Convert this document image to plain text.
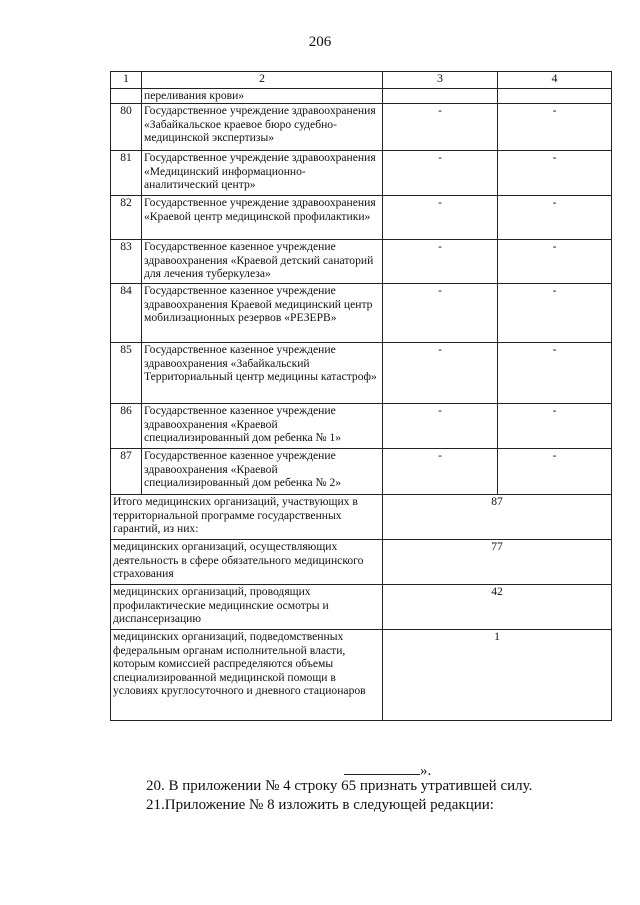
206
1	2	3	4
	переливания крови»		
80	Государственное учреждение здравоохранения «Забайкальское краевое бюро судебно-медицинской экспертизы»	-	-
81	Государственное учреждение здравоохранения «Медицинский информационно-аналитический центр»	-	-
82	Государственное учреждение здравоохранения «Краевой центр медицинской профилактики»	-	-
83	Государственное казенное учреждение здравоохранения «Краевой детский санаторий для лечения туберкулеза»	-	-
84	Государственное казенное учреждение здравоохранения Краевой медицинский центр мобилизационных резервов «РЕЗЕРВ»	-	-
85	Государственное казенное учреждение здравоохранения «Забайкальский Территориальный центр медицины катастроф»	-	-
86	Государственное казенное учреждение здравоохранения «Краевой специализированный дом ребенка № 1»	-	-
87	Государственное казенное учреждение здравоохранения «Краевой специализированный дом ребенка № 2»	-	-
Итого медицинских организаций, участвующих в территориальной программе государственных гарантий, из них:		87	
медицинских организаций, осуществляющих деятельность в сфере обязательного медицинского страхования		77	
медицинских организаций, проводящих профилактические медицинские осмотры и диспансеризацию		42	
медицинских организаций, подведомственных федеральным органам исполнительной власти, которым комиссией распределяются объемы специализированной медицинской помощи в условиях круглосуточного и дневного стационаров		1	
».
20. В приложении № 4 строку 65 признать утратившей силу.
21.Приложение № 8 изложить в следующей редакции:
